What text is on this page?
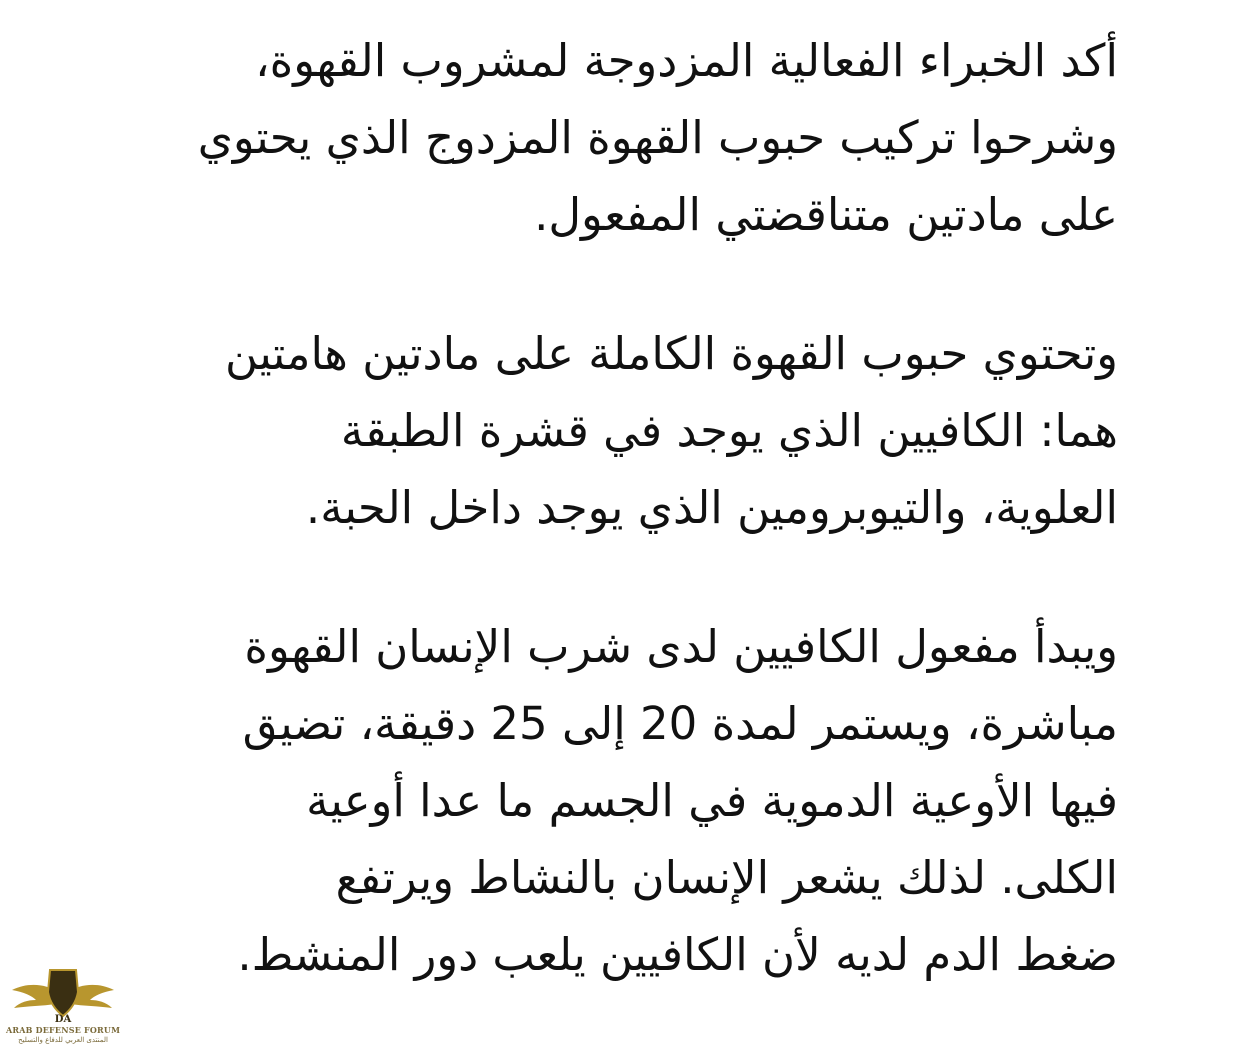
أكد الخبراء الفعالية المزدوجة لمشروب القهوة،
وشرحوا تركيب حبوب القهوة المزدوج الذي يحتوي
على مادتين متناقضتي المفعول.

وتحتوي حبوب القهوة الكاملة على مادتين هامتين
هما: الكافيين الذي يوجد في قشرة الطبقة
العلوية، والتيوبرومين الذي يوجد داخل الحبة.

ويبدأ مفعول الكافيين لدى شرب الإنسان القهوة
مباشرة، ويستمر لمدة 20 إلى 25 دقيقة، تضيق
فيها الأوعية الدموية في الجسم ما عدا أوعية
الكلى. لذلك يشعر الإنسان بالنشاط ويرتفع
ضغط الدم لديه لأن الكافيين يلعب دور المنشط.

DA
ARAB DEFENSE FORUM
المنتدى العربي للدفاع والتسليح
